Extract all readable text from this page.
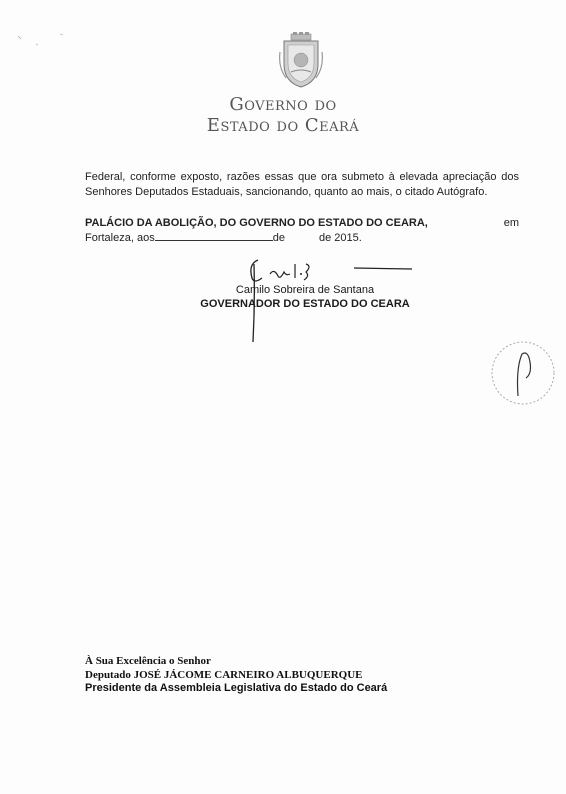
GOVERNO DO
ESTADO DO CEARÁ
Federal, conforme exposto, razões essas que ora submeto à elevada apreciação dos Senhores Deputados Estaduais, sancionando, quanto ao mais, o citado Autógrafo.
PALÁCIO DA ABOLIÇÃO, DO GOVERNO DO ESTADO DO CEARA,	em
Fortaleza, aos	de	de 2015.
Camilo Sobreira de Santana
GOVERNADOR DO ESTADO DO CEARA
À Sua Excelência o Senhor
Deputado JOSÉ JÁCOME CARNEIRO ALBUQUERQUE
Presidente da Assembleia Legislativa do Estado do Ceará
